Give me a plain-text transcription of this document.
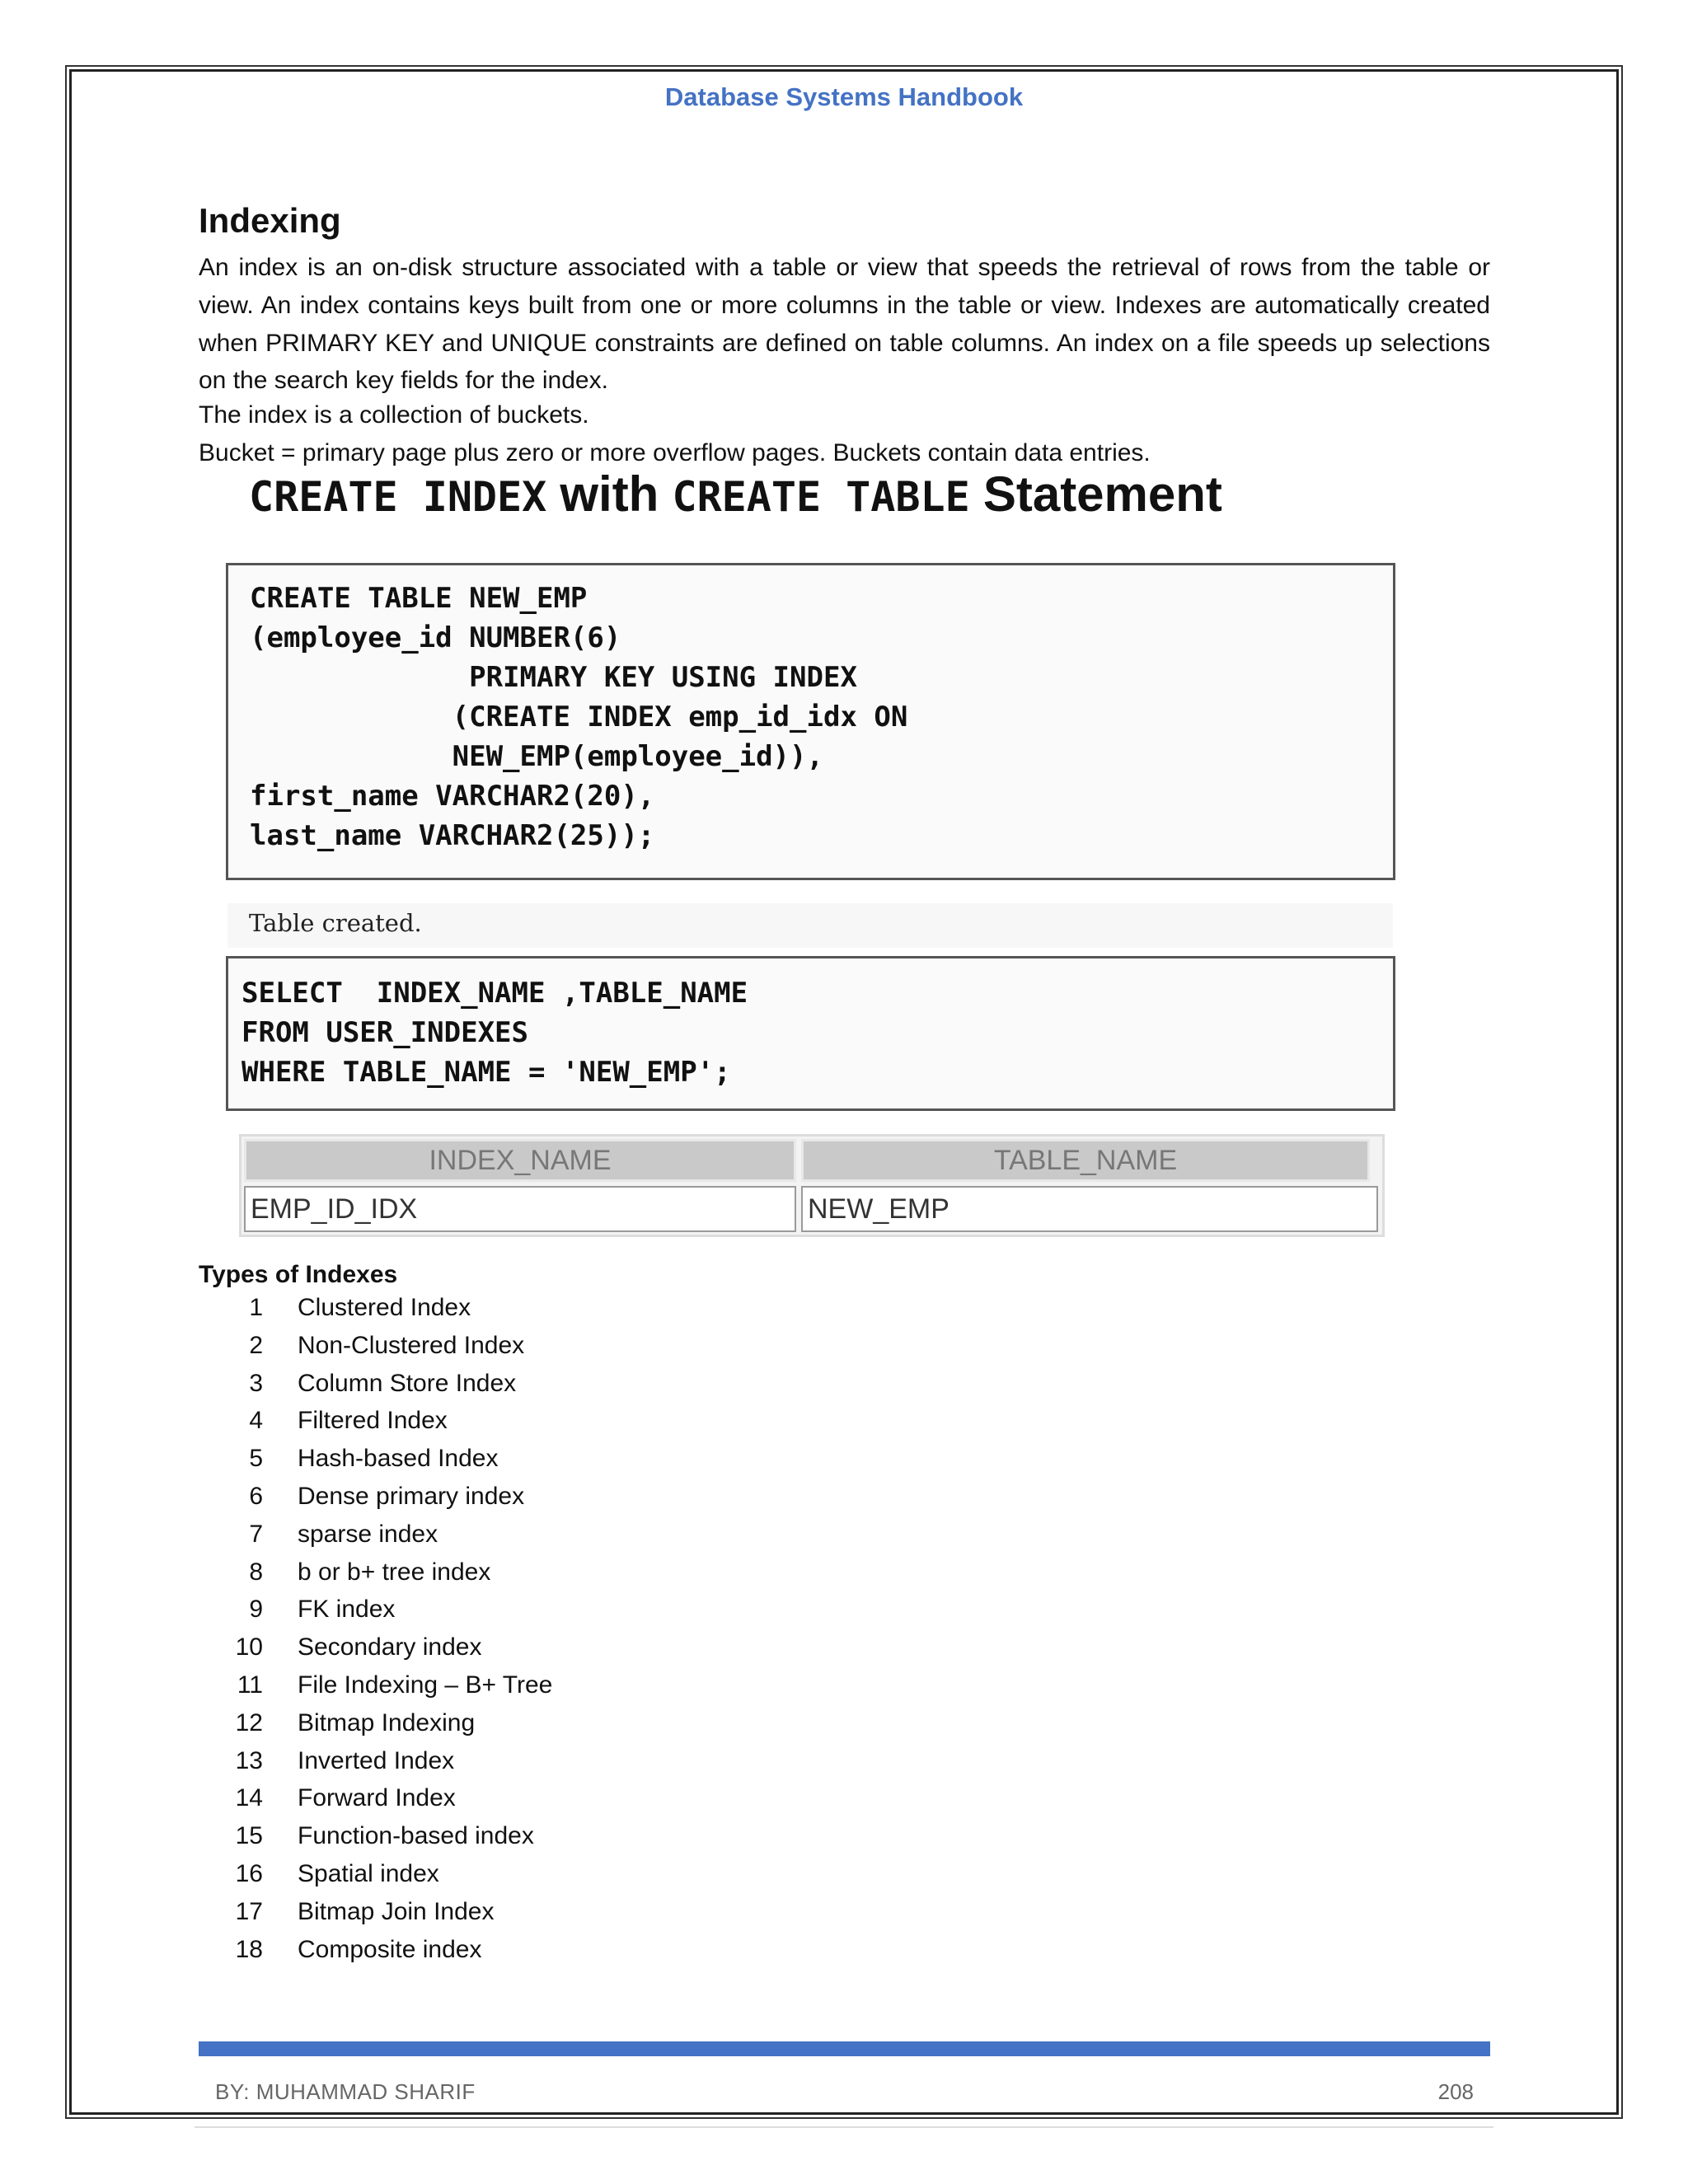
Database Systems Handbook
Indexing

An index is an on-disk structure associated with a table or view that speeds the retrieval of rows from the table or view. An index contains keys built from one or more columns in the table or view. Indexes are automatically created when PRIMARY KEY and UNIQUE constraints are defined on table columns. An index on a file speeds up selections on the search key fields for the index.

The index is a collection of buckets.

Bucket = primary page plus zero or more overflow pages. Buckets contain data entries.

CREATE INDEX with CREATE TABLE Statement
CREATE TABLE NEW_EMP
(employee_id NUMBER(6)
PRIMARY KEY USING INDEX
(CREATE INDEX emp_id_idx ON
NEW_EMP(employee_id)),
first_name VARCHAR2(20),
last_name VARCHAR2(25));
Table created.
SELECT  INDEX_NAME ,TABLE_NAME
FROM USER_INDEXES
WHERE TABLE_NAME = 'NEW_EMP';
INDEX_NAME	TABLE_NAME
EMP_ID_IDX	NEW_EMP
Types of Indexes
1 Clustered Index
2 Non-Clustered Index
3 Column Store Index
4 Filtered Index
5 Hash-based Index
6 Dense primary index
7 sparse index
8 b or b+ tree index
9 FK index
10 Secondary index
11 File Indexing – B+ Tree
12 Bitmap Indexing
13 Inverted Index
14 Forward Index
15 Function-based index
16 Spatial index
17 Bitmap Join Index
18 Composite index
BY: MUHAMMAD SHARIF	208
